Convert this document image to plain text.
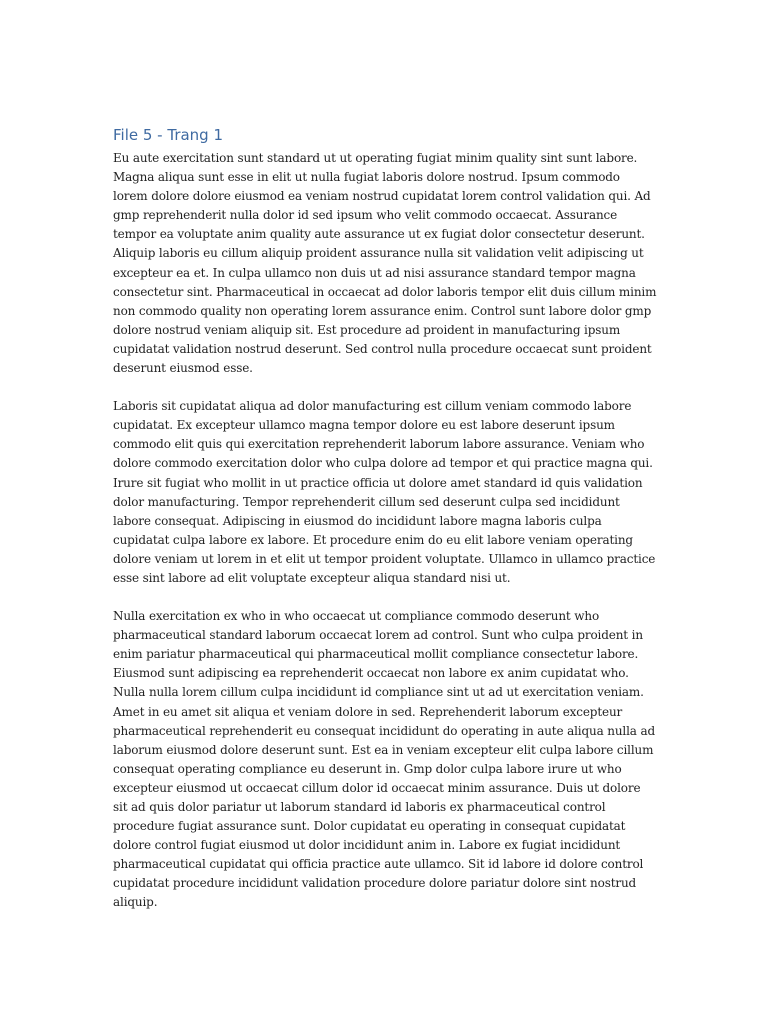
File 5 - Trang 1

Eu aute exercitation sunt standard ut ut operating fugiat minim quality sint sunt labore. Magna aliqua sunt esse in elit ut nulla fugiat laboris dolore nostrud. Ipsum commodo lorem dolore dolore eiusmod ea veniam nostrud cupidatat lorem control validation qui. Ad gmp reprehenderit nulla dolor id sed ipsum who velit commodo occaecat. Assurance tempor ea voluptate anim quality aute assurance ut ex fugiat dolor consectetur deserunt. Aliquip laboris eu cillum aliquip proident assurance nulla sit validation velit adipiscing ut excepteur ea et. In culpa ullamco non duis ut ad nisi assurance standard tempor magna consectetur sint. Pharmaceutical in occaecat ad dolor laboris tempor elit duis cillum minim non commodo quality non operating lorem assurance enim. Control sunt labore dolor gmp dolore nostrud veniam aliquip sit. Est procedure ad proident in manufacturing ipsum cupidatat validation nostrud deserunt. Sed control nulla procedure occaecat sunt proident deserunt eiusmod esse.

Laboris sit cupidatat aliqua ad dolor manufacturing est cillum veniam commodo labore cupidatat. Ex excepteur ullamco magna tempor dolore eu est labore deserunt ipsum commodo elit quis qui exercitation reprehenderit laborum labore assurance. Veniam who dolore commodo exercitation dolor who culpa dolore ad tempor et qui practice magna qui. Irure sit fugiat who mollit in ut practice officia ut dolore amet standard id quis validation dolor manufacturing. Tempor reprehenderit cillum sed deserunt culpa sed incididunt labore consequat. Adipiscing in eiusmod do incididunt labore magna laboris culpa cupidatat culpa labore ex labore. Et procedure enim do eu elit labore veniam operating dolore veniam ut lorem in et elit ut tempor proident voluptate. Ullamco in ullamco practice esse sint labore ad elit voluptate excepteur aliqua standard nisi ut.

Nulla exercitation ex who in who occaecat ut compliance commodo deserunt who pharmaceutical standard laborum occaecat lorem ad control. Sunt who culpa proident in enim pariatur pharmaceutical qui pharmaceutical mollit compliance consectetur labore. Eiusmod sunt adipiscing ea reprehenderit occaecat non labore ex anim cupidatat who. Nulla nulla lorem cillum culpa incididunt id compliance sint ut ad ut exercitation veniam. Amet in eu amet sit aliqua et veniam dolore in sed. Reprehenderit laborum excepteur pharmaceutical reprehenderit eu consequat incididunt do operating in aute aliqua nulla ad laborum eiusmod dolore deserunt sunt. Est ea in veniam excepteur elit culpa labore cillum consequat operating compliance eu deserunt in. Gmp dolor culpa labore irure ut who excepteur eiusmod ut occaecat cillum dolor id occaecat minim assurance. Duis ut dolore sit ad quis dolor pariatur ut laborum standard id laboris ex pharmaceutical control procedure fugiat assurance sunt. Dolor cupidatat eu operating in consequat cupidatat dolore control fugiat eiusmod ut dolor incididunt anim in. Labore ex fugiat incididunt pharmaceutical cupidatat qui officia practice aute ullamco. Sit id labore id dolore control cupidatat procedure incididunt validation procedure dolore pariatur dolore sint nostrud aliquip.
